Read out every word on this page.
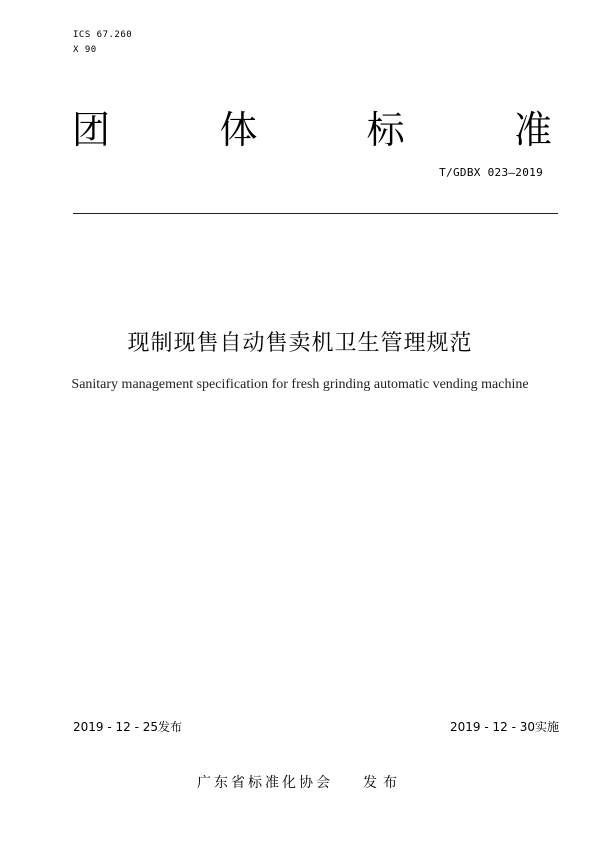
ICS 67.260
X 90
团	体	标	准
T/GDBX 023—2019
现制现售自动售卖机卫生管理规范
Sanitary management specification for fresh grinding automatic vending machine
2019 - 12 - 25发布	2019 - 12 - 30实施
广东省标准化协会 发布
